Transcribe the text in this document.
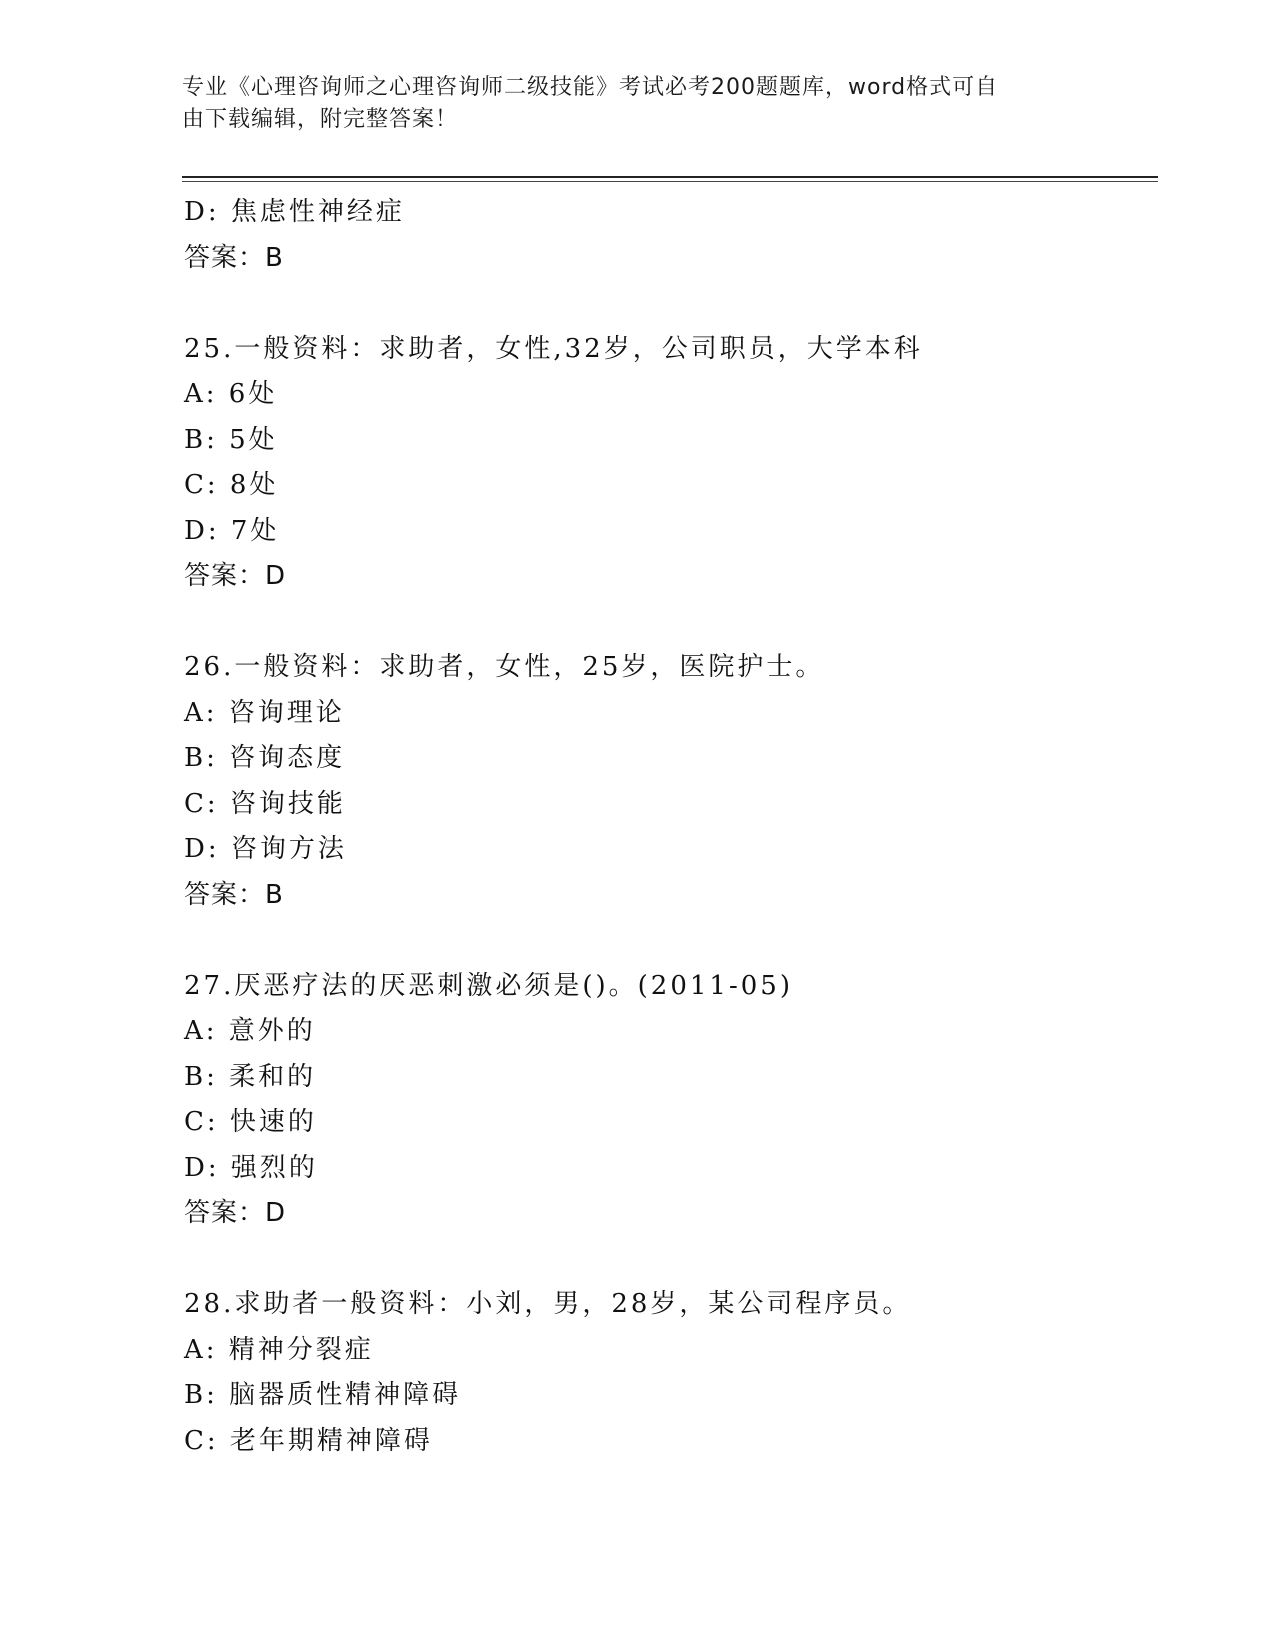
专业《心理咨询师之心理咨询师二级技能》考试必考200题题库，word格式可自
由下载编辑，附完整答案！
D: 焦虑性神经症
答案：B
25.一般资料：求助者，女性,32岁，公司职员，大学本科
A: 6处
B: 5处
C: 8处
D: 7处
答案：D
26.一般资料：求助者，女性，25岁，医院护士。
A: 咨询理论
B: 咨询态度
C: 咨询技能
D: 咨询方法
答案：B
27.厌恶疗法的厌恶刺激必须是()。(2011-05)
A: 意外的
B: 柔和的
C: 快速的
D: 强烈的
答案：D
28.求助者一般资料：小刘，男，28岁，某公司程序员。
A: 精神分裂症
B: 脑器质性精神障碍
C: 老年期精神障碍
